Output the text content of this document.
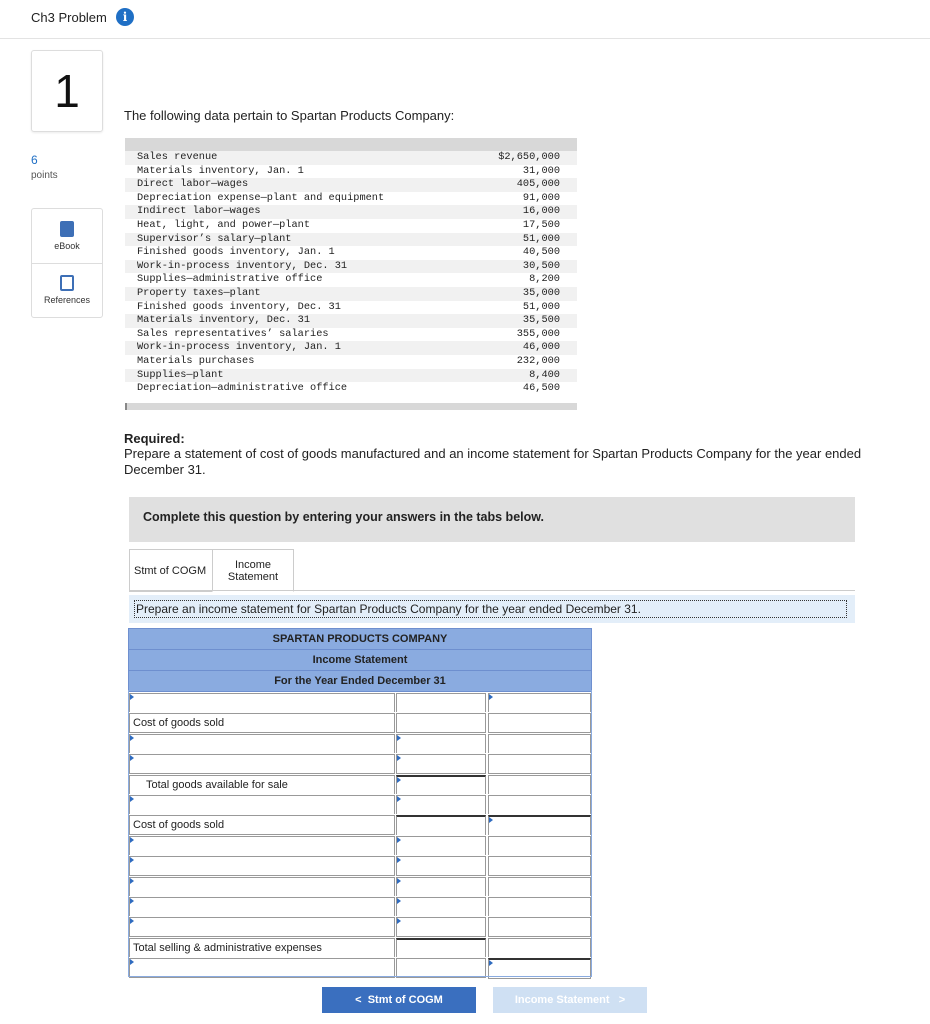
Ch3 Problem	i
1
6
points
eBook
References
The following data pertain to Spartan Products Company:
Sales revenue	$2,650,000
Materials inventory, Jan. 1	31,000
Direct labor—wages	405,000
Depreciation expense—plant and equipment	91,000
Indirect labor—wages	16,000
Heat, light, and power—plant	17,500
Supervisor’s salary—plant	51,000
Finished goods inventory, Jan. 1	40,500
Work-in-process inventory, Dec. 31	30,500
Supplies—administrative office	8,200
Property taxes—plant	35,000
Finished goods inventory, Dec. 31	51,000
Materials inventory, Dec. 31	35,500
Sales representatives’ salaries	355,000
Work-in-process inventory, Jan. 1	46,000
Materials purchases	232,000
Supplies—plant	8,400
Depreciation—administrative office	46,500
Required:
Prepare a statement of cost of goods manufactured and an income statement for Spartan Products Company for the year ended December 31.
Complete this question by entering your answers in the tabs below.
Stmt of COGM	Income Statement
Prepare an income statement for Spartan Products Company for the year ended December 31.
SPARTAN PRODUCTS COMPANY
Income Statement
For the Year Ended December 31
Cost of goods sold
Total goods available for sale
Cost of goods sold
Total selling & administrative expenses
< Stmt of COGM	Income Statement >
